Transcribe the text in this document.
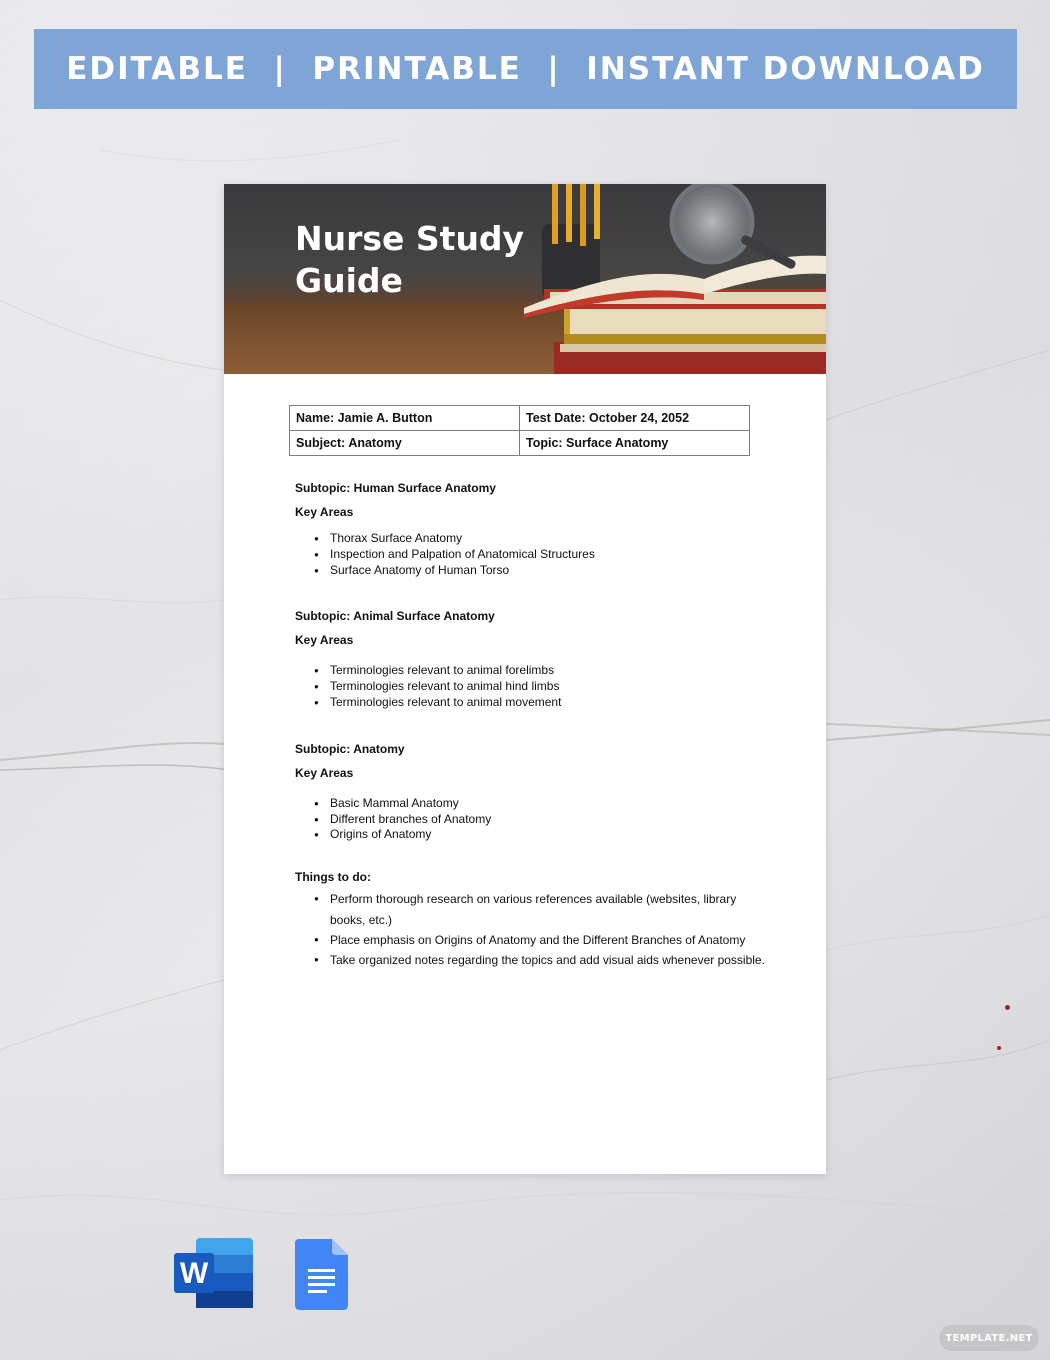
EDITABLE  |  PRINTABLE  |  INSTANT DOWNLOAD
Nurse Study Guide
Name: Jamie A. Button	Test Date: October 24, 2052
Subject: Anatomy	Topic: Surface Anatomy
Subtopic: Human Surface Anatomy
Key Areas
● Thorax Surface Anatomy
● Inspection and Palpation of Anatomical Structures
● Surface Anatomy of Human Torso
Subtopic: Animal Surface Anatomy
Key Areas
● Terminologies relevant to animal forelimbs
● Terminologies relevant to animal hind limbs
● Terminologies relevant to animal movement
Subtopic: Anatomy
Key Areas
● Basic Mammal Anatomy
● Different branches of Anatomy
● Origins of Anatomy
Things to do:
● Perform thorough research on various references available (websites, library books, etc.)
● Place emphasis on Origins of Anatomy and the Different Branches of Anatomy
● Take organized notes regarding the topics and add visual aids whenever possible.
W
TEMPLATE.NET
